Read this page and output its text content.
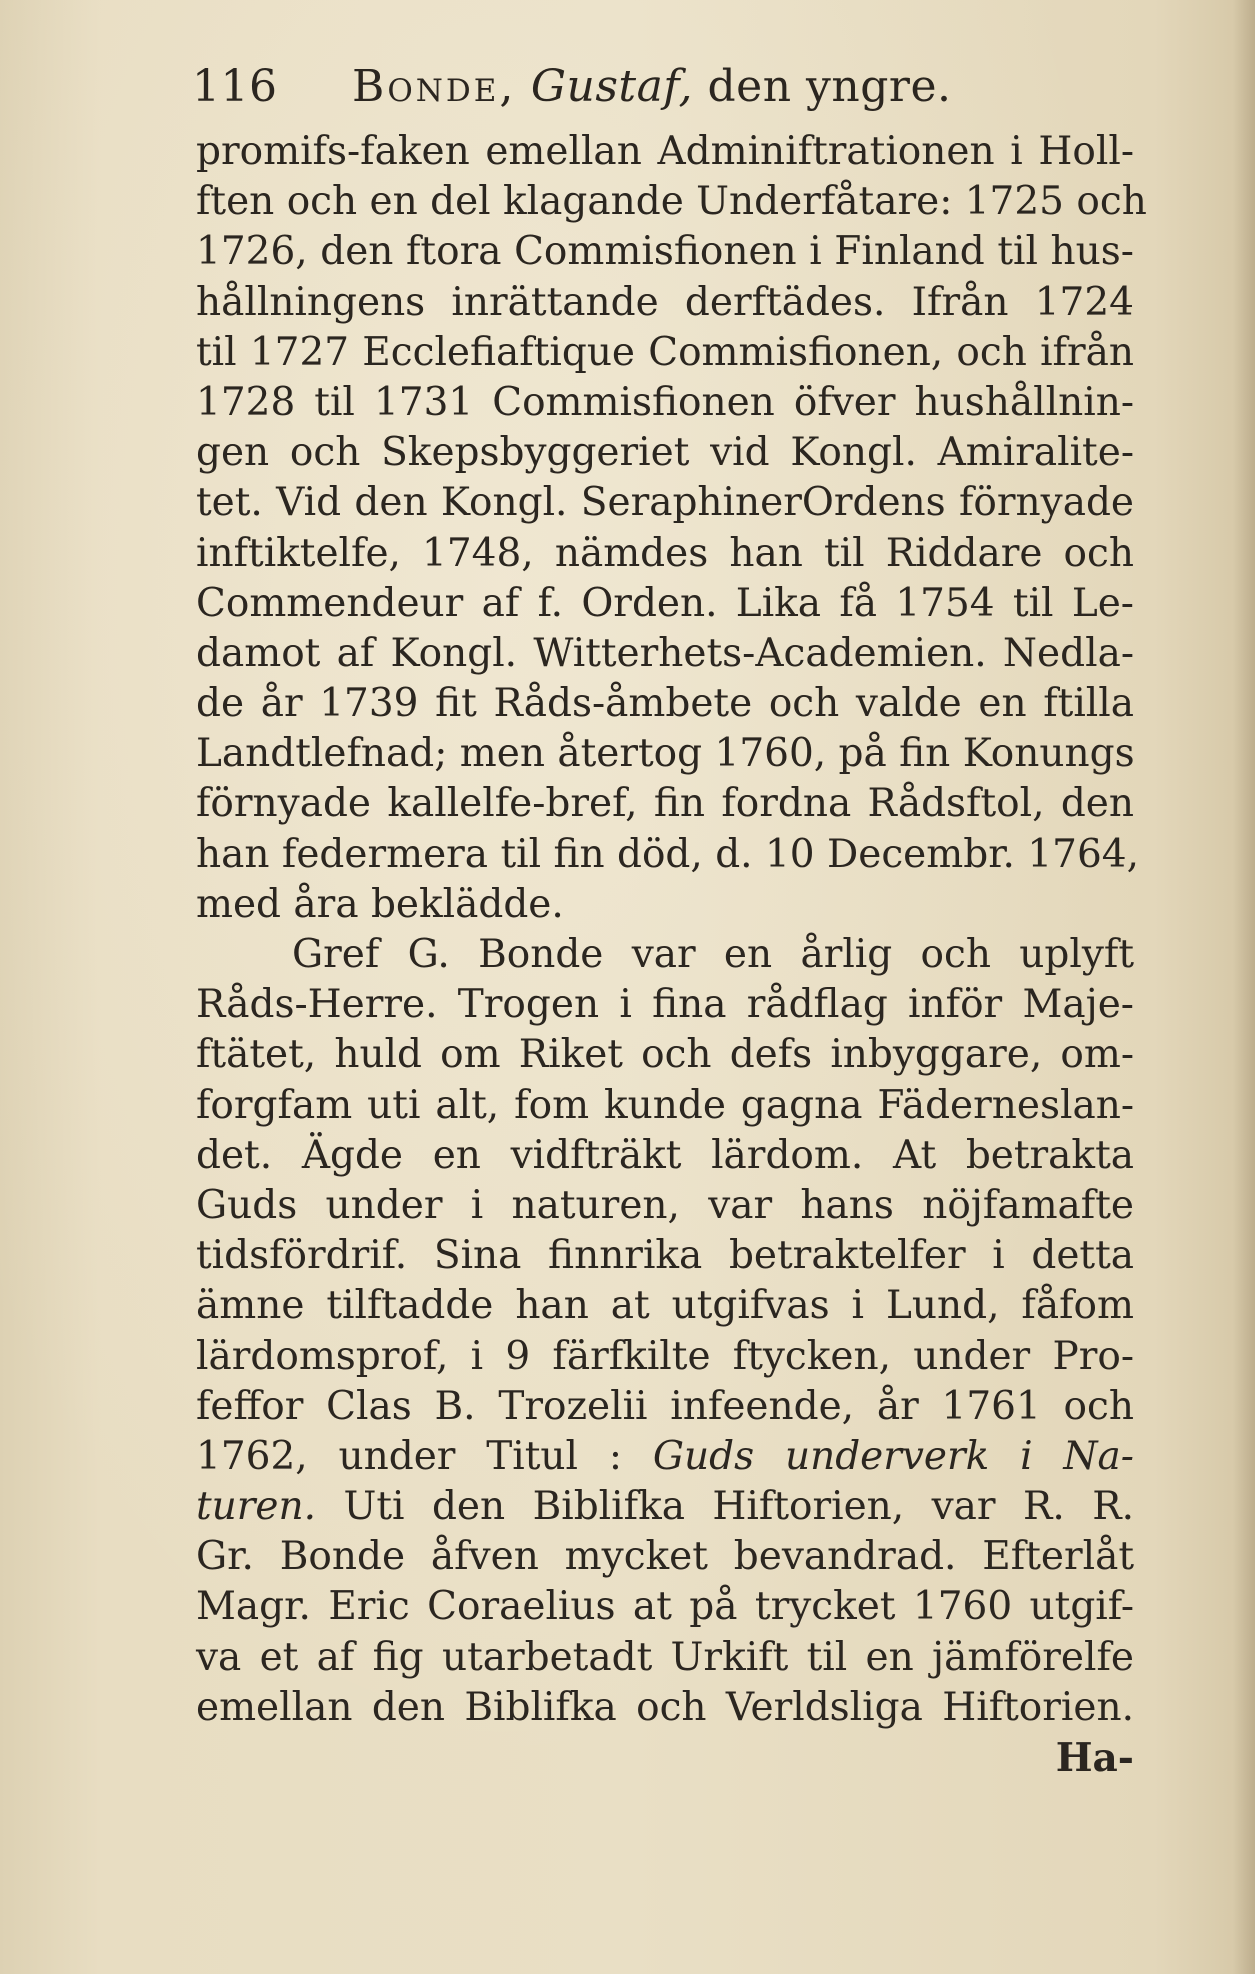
116 Bonde, Gustaf, den yngre.
promifs-faken emellan Adminiftrationen i Holl-
ften och en del klagande Underfåtare: 1725 och
1726, den ftora Commisfionen i Finland til hus-
hållningens inrättande derftädes. Ifrån 1724
til 1727 Ecclefiaftique Commisfionen, och ifrån
1728 til 1731 Commisfionen öfver hushållnin-
gen och Skepsbyggeriet vid Kongl. Amiralite-
tet. Vid den Kongl. SeraphinerOrdens förnyade
inftiktelfe, 1748, nämdes han til Riddare och
Commendeur af f. Orden. Lika få 1754 til Le-
damot af Kongl. Witterhets-Academien. Nedla-
de år 1739 fit Råds-åmbete och valde en ftilla
Landtlefnad; men återtog 1760, på fin Konungs
förnyade kallelfe-bref, fin fordna Rådsftol, den
han federmera til fin död, d. 10 Decembr. 1764,
med åra beklädde.
Gref G. Bonde var en årlig och uplyft
Råds-Herre. Trogen i fina rådflag inför Maje-
ftätet, huld om Riket och defs inbyggare, om-
forgfam uti alt, fom kunde gagna Fäderneslan-
det. Ägde en vidfträkt lärdom. At betrakta
Guds under i naturen, var hans nöjfamafte
tidsfördrif. Sina finnrika betraktelfer i detta
ämne tilftadde han at utgifvas i Lund, fåfom
lärdomsprof, i 9 färfkilte ftycken, under Pro-
feffor Clas B. Trozelii infeende, år 1761 och
1762, under Titul : Guds underverk i Na-
turen. Uti den Biblifka Hiftorien, var R. R.
Gr. Bonde åfven mycket bevandrad. Efterlåt
Magr. Eric Coraelius at på trycket 1760 utgif-
va et af fig utarbetadt Urkift til en jämförelfe
emellan den Biblifka och Verldsliga Hiftorien.
Ha-
